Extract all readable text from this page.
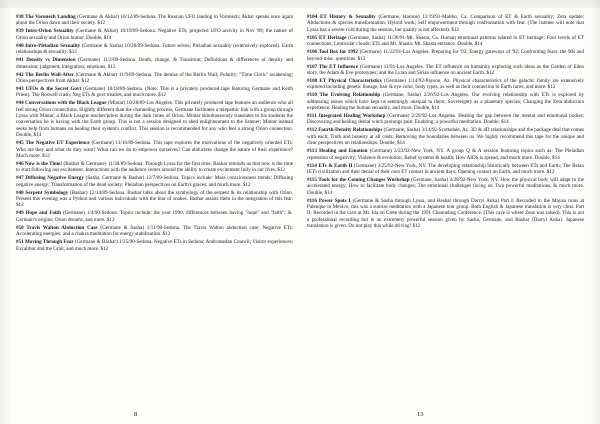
#38 The Voronezh Landing (Germane & Akbar) 10/12/89-Sedona. The Russian UFO landing in Voronezh; Akbar speaks once again about the Orion dawn and their society. $12

#39 Intro-Orion Sexuality (Germane & Akbar) 10/19/89-Sedona. Negative ETs; projected UFO activity in Nov '89; the nature of Orion sexuality and Orion humor. Double, $14

#40 Intro-Pleiadian Sexuality (Germane & Sasha) 10/26/89-Sedona. Future selves; Pleiadian sexuality (extensively explored). Earth relationships & sexuality. $12

#41 Density vs Dimension (Germane) 11/2/89-Sedona. Death, change, & Transition; Definitions & differences of density and dimension; judgment; integration; emotions. $12

#42 The Berlin Wall-After (Germane & Akbar) 11/9/89-Sedona. The demise of the Berlin Wall; Polarity; "Time Clock" awakening; Orion perspectives from Akbar. $12

#43 UFOs & the Secret Govt (Germane) 10/18/89-Sedona. (Note: This is a privately produced tape featuring Germane and Keith Priest). The Roswell crash; Neg ETs & govt treaties, and much more. $12

#44 Conversations with the Black League (Mintar) 10/28/89-Los Angeles. This privately produced tape features an audience who all feel strong Orion connections. Slightly different than the channeling process, Germane facilitates a telepathic link with a group through Lyssa with Mintar, a Black League teacher/priest during the dark times of Orion. Mintar simultaneously translates to his students the conversation he is having with the Earth group. This is not a session designed to shed enlightenment to the listener; Mintar instead seeks help from humans on healing their system's conflict. This session is recommended for any who feel a strong Orion connection. Double, $14

#45 The Negative ET Experience (Germane) 11/16/89-Sedona. This tape explores the motivations of the negatively oriented ETs. Who are they and what do they want? What can we do to empower ourselves? Can abductees change the nature of their experience? Much more. $12

#46 Now is the Time! (Bashar & Germane) 11/30/89-Sedona. Through Lyssa for the first time, Bashar reminds us that now is the time to start following our excitement. Interactions with the audience center around the ability to create excitement fully in our lives. $12

#47 Diffusing Negative Energy (Sasha, Germane & Bashar) 12/7/89-Sedona. Topics include: Mass consciousness trends; Diffusing negative energy; Transformation of the dead society; Pleiadian perspectives on Earth's graces; and much more. $12

#48 Serpent Symbology (Bashar) 12/14/89-Sedona. Bashar talks about the symbology of the serpent & its relationship with Orion. Present this evening was a Python and various individuals with the fear of snakes. Bashar assists them in the integration of this fear. $12

#49 Hope and Faith (Germane) 1/4/90-Sedona. Topics include: the year 1990; differences between having "hope" and "faith"; St. Germain's origins; Orion dreams, and more. $12

#50 Travis Walton Abduction Case (Germane & Sasha) 1/11/90-Sedona. The Travis Walton abduction case; Negative ETs; Accelerating energies; and a chakra meditation for energy stabilization. $12

#51 Moving Through Fear (Germane & Bashar) 1/25/90-Sedona. Negative ETs in Sedona; Andromedan Council; Visitor experiences; Excalibur and the Grail, and much more. $12

#104 ET History & Sexuality (Germane, Harone) 11/19/91-Malibu, Ca. Comparison of ET & Earth sexuality; Zeta update; Abductions & species transformation; Hybrid work; Self empowerment through confrontation with fear. (The listener will note that Lyssa has a severe cold during the session, but quality is not affected). $12

#105 ET Heritage (Germane, Sasha) 11/30/91-Mt. Shasta, Ca. Human emotional patterns related to ET heritage; Four levels of ET connections; Lenticular clouds; ETs and Mt. Shasta; Mt. Shasta entrance. Double, $14

#106 Tool Box for 1992 (Germane) 11/22/91-Los Angeles. Preparing for '92; Energy gateways of '92; Confronting fears; the 90s and beyond-misc. questions. $12

#107 The ET Influence (Germane) 11/91-Los Angeles. The ET influence on humanity exploring such ideas as the Garden of Eden story, the Adam & Eve prototypes; and the Lyran and Sirian influence on ancient Earth. $12

#108 ET Physical Characteristics (Germane) 1/14/92-Payson, Az. Physical characteristics of the galactic family are extensively explored including genetic lineage, hair & eye color, body types, as well as their connection to Earth races, and more. $12

#110 The Evolving Relationship (Germane, Sasha) 2/26/92-Los Angeles. Our evolving relationship with ETs is explored by addressing issues which have kept us seemingly unequal to them; Sovereignty as a planetary species; Changing the Zeta abduction experience; Healing the human sexuality, and more. Double, $14

#111 Integrated Healing Workshop (Germane) 2/29/92-Los Angeles. Healing the gap between the mental and emotional bodies; Discovering and healing dental witch prolongs pain; Enabling; a powerful meditation. Double, $14

#112 Fourth-Density Relationships (Germane, Sasha) 3/14/92-Scottsdale, Az. 3D & 4D relationships and the package deal that comes with each; Truth and honesty at all costs; Removing the boundaries between us. We highly recommend this tape for the unique and clear perspectives on relationships. Double, $14

#113 Healing and Emotion (Germane) 3/23/92-New York, NY. A group Q & A session featuring topics such as: The Pleiadian repression of negativity; Violence & evolution; Belief systems & health; How AIDS is spread; and much more. Double, $14

#114 ETs & Earth II (Germane) 3/25/92-New York, NY. The developing relationship historically between ETs and Earth; The Betan (ET) civilization and their denial of their own ET contact in ancient days; Opening contact on Earth, and much more. $12

#115 Tools for the Coming Changes Workshop (Germane, Sasha) 3/28/92-New York, NY. How the physical body will adapt to the accelerated energy; How to facilitate body changes; The emotional challenges facing us; Two powerful meditations, & much more. Double, $14

#116 Power Spots I (Germane & Sasha through Lyssa, and Bashar through Darryl Anka) Part I: Recorded in the Mayan ruins at Palenque in Mexico, this was a sunrise meditation with a Japanese tour group. Both English & Japanese translation is very clear. Part II: Recorded in the cave at Mt. Ida on Crete during the 1991 Channeling Conference. (This cave is where Zeus was raised). This is not a professional recording but is an extremely powerful session given by Sasha, Germane, and Bashar (Darryl Anka). Japanese translation is given. Do not play this while driving! $12

8	13
